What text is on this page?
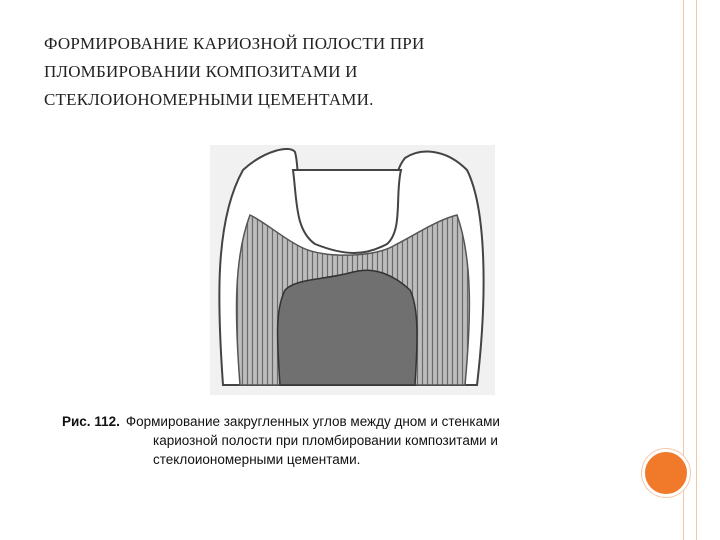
ФОРМИРОВАНИЕ КАРИОЗНОЙ ПОЛОСТИ ПРИ
ПЛОМБИРОВАНИИ КОМПОЗИТАМИ И
СТЕКЛОИОНОМЕРНЫМИ ЦЕМЕНТАМИ.
Рис. 112. Формирование закругленных углов между дном и стенками
кариозной полости при пломбировании композитами и
стеклоиономерными цементами.
